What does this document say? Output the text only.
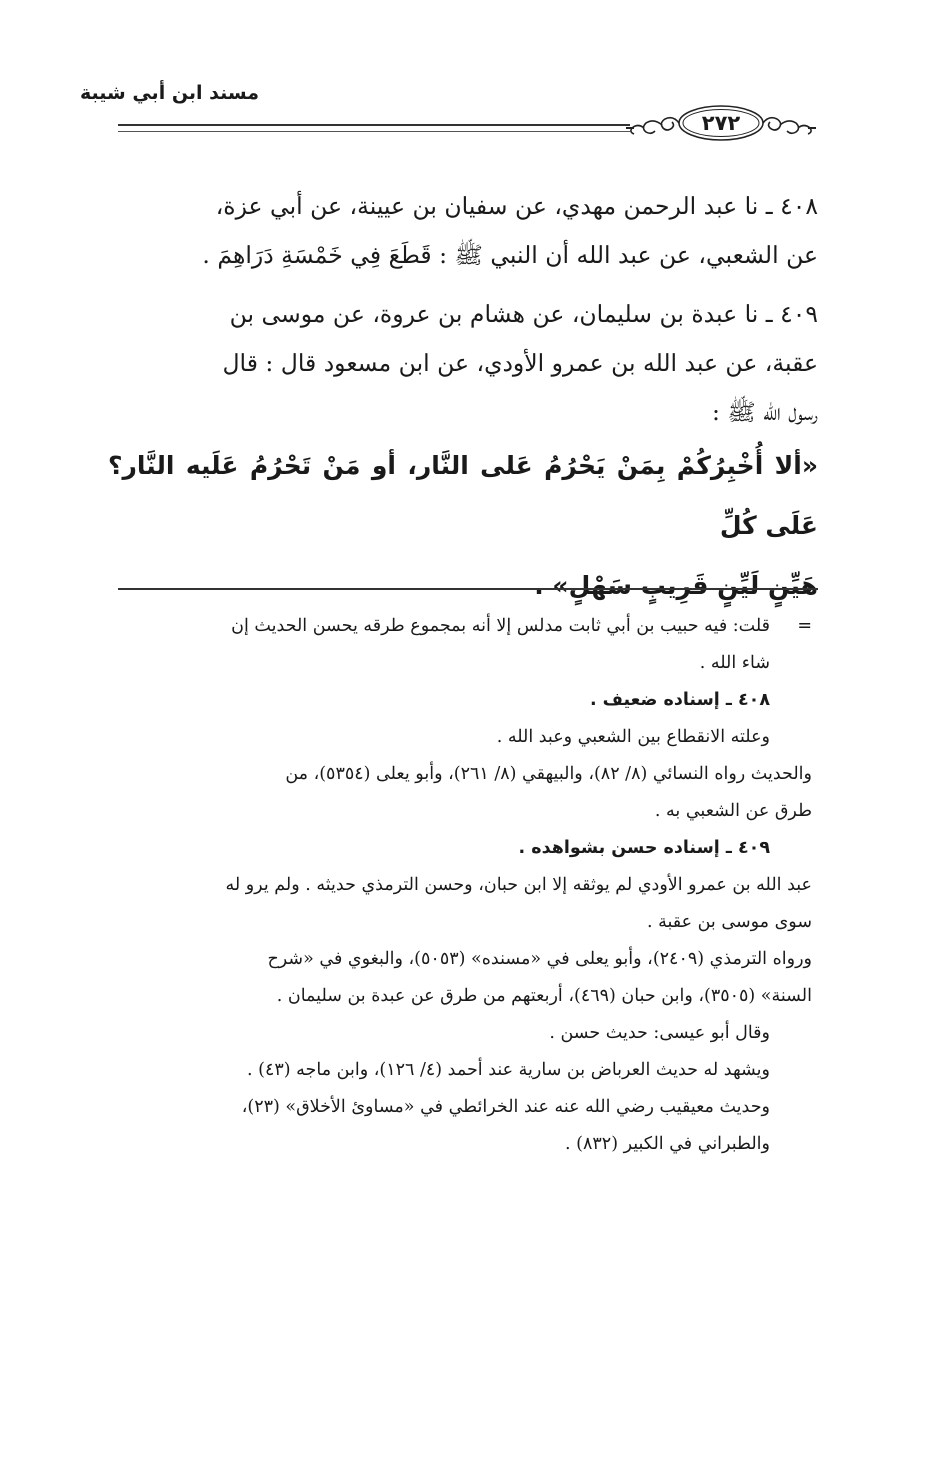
مسند ابن أبي شيبة
٢٧٢
٤٠٨ ـ نا عبد الرحمن مهدي، عن سفيان بن عيينة، عن أبي عزة،
عن الشعبي، عن عبد الله أن النبي ﷺ : قَطَعَ فِي خَمْسَةِ دَرَاهِمَ .
٤٠٩ ـ نا عبدة بن سليمان، عن هشام بن عروة، عن موسى بن
عقبة، عن عبد الله بن عمرو الأودي، عن ابن مسعود قال : قال
رسول الله ﷺ :
«ألا أُخْبِرُكُمْ بِمَنْ يَحْرُمُ عَلى النَّار، أو مَنْ تَحْرُمُ عَلَيه النَّار؟ عَلَى كُلِّ
هَيِّنٍ لَيِّنٍ قَرِيبٍ سَهْلٍ» .

=
قلت: فيه حبيب بن أبي ثابت مدلس إلا أنه بمجموع طرقه يحسن الحديث إن

شاء الله .

٤٠٨ ـ إسناده ضعيف .

وعلته الانقطاع بين الشعبي وعبد الله .

والحديث رواه النسائي (٨/ ٨٢)، والبيهقي (٨/ ٢٦١)، وأبو يعلى (٥٣٥٤)، من

طرق عن الشعبي به .

٤٠٩ ـ إسناده حسن بشواهده .

عبد الله بن عمرو الأودي لم يوثقه إلا ابن حبان، وحسن الترمذي حديثه . ولم يرو له

سوى موسى بن عقبة .

ورواه الترمذي (٢٤٠٩)، وأبو يعلى في «مسنده» (٥٠٥٣)، والبغوي في «شرح

السنة» (٣٥٠٥)، وابن حبان (٤٦٩)، أربعتهم من طرق عن عبدة بن سليمان .

وقال أبو عيسى: حديث حسن .

ويشهد له حديث العرباض بن سارية عند أحمد (٤/ ١٢٦)، وابن ماجه (٤٣) .

وحديث معيقيب رضي الله عنه عند الخرائطي في «مساوئ الأخلاق» (٢٣)،

والطبراني في الكبير (٨٣٢) .
